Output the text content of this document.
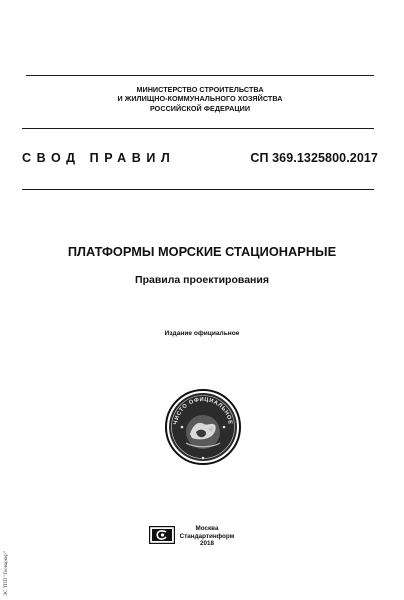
МИНИСТЕРСТВО СТРОИТЕЛЬСТВА
И ЖИЛИЩНО-КОММУНАЛЬНОГО ХОЗЯЙСТВА
РОССИЙСКОЙ ФЕДЕРАЦИИ
СВОД ПРАВИЛ	СП 369.1325800.2017
ПЛАТФОРМЫ МОРСКИЕ СТАЦИОНАРНЫЕ
Правила проектирования
Издание официальное
ЧИСТО ОФИЦИАЛЬНОЕ
Москва
Стандартинформ
2018
ЭС ТПП "Геоваркер"
